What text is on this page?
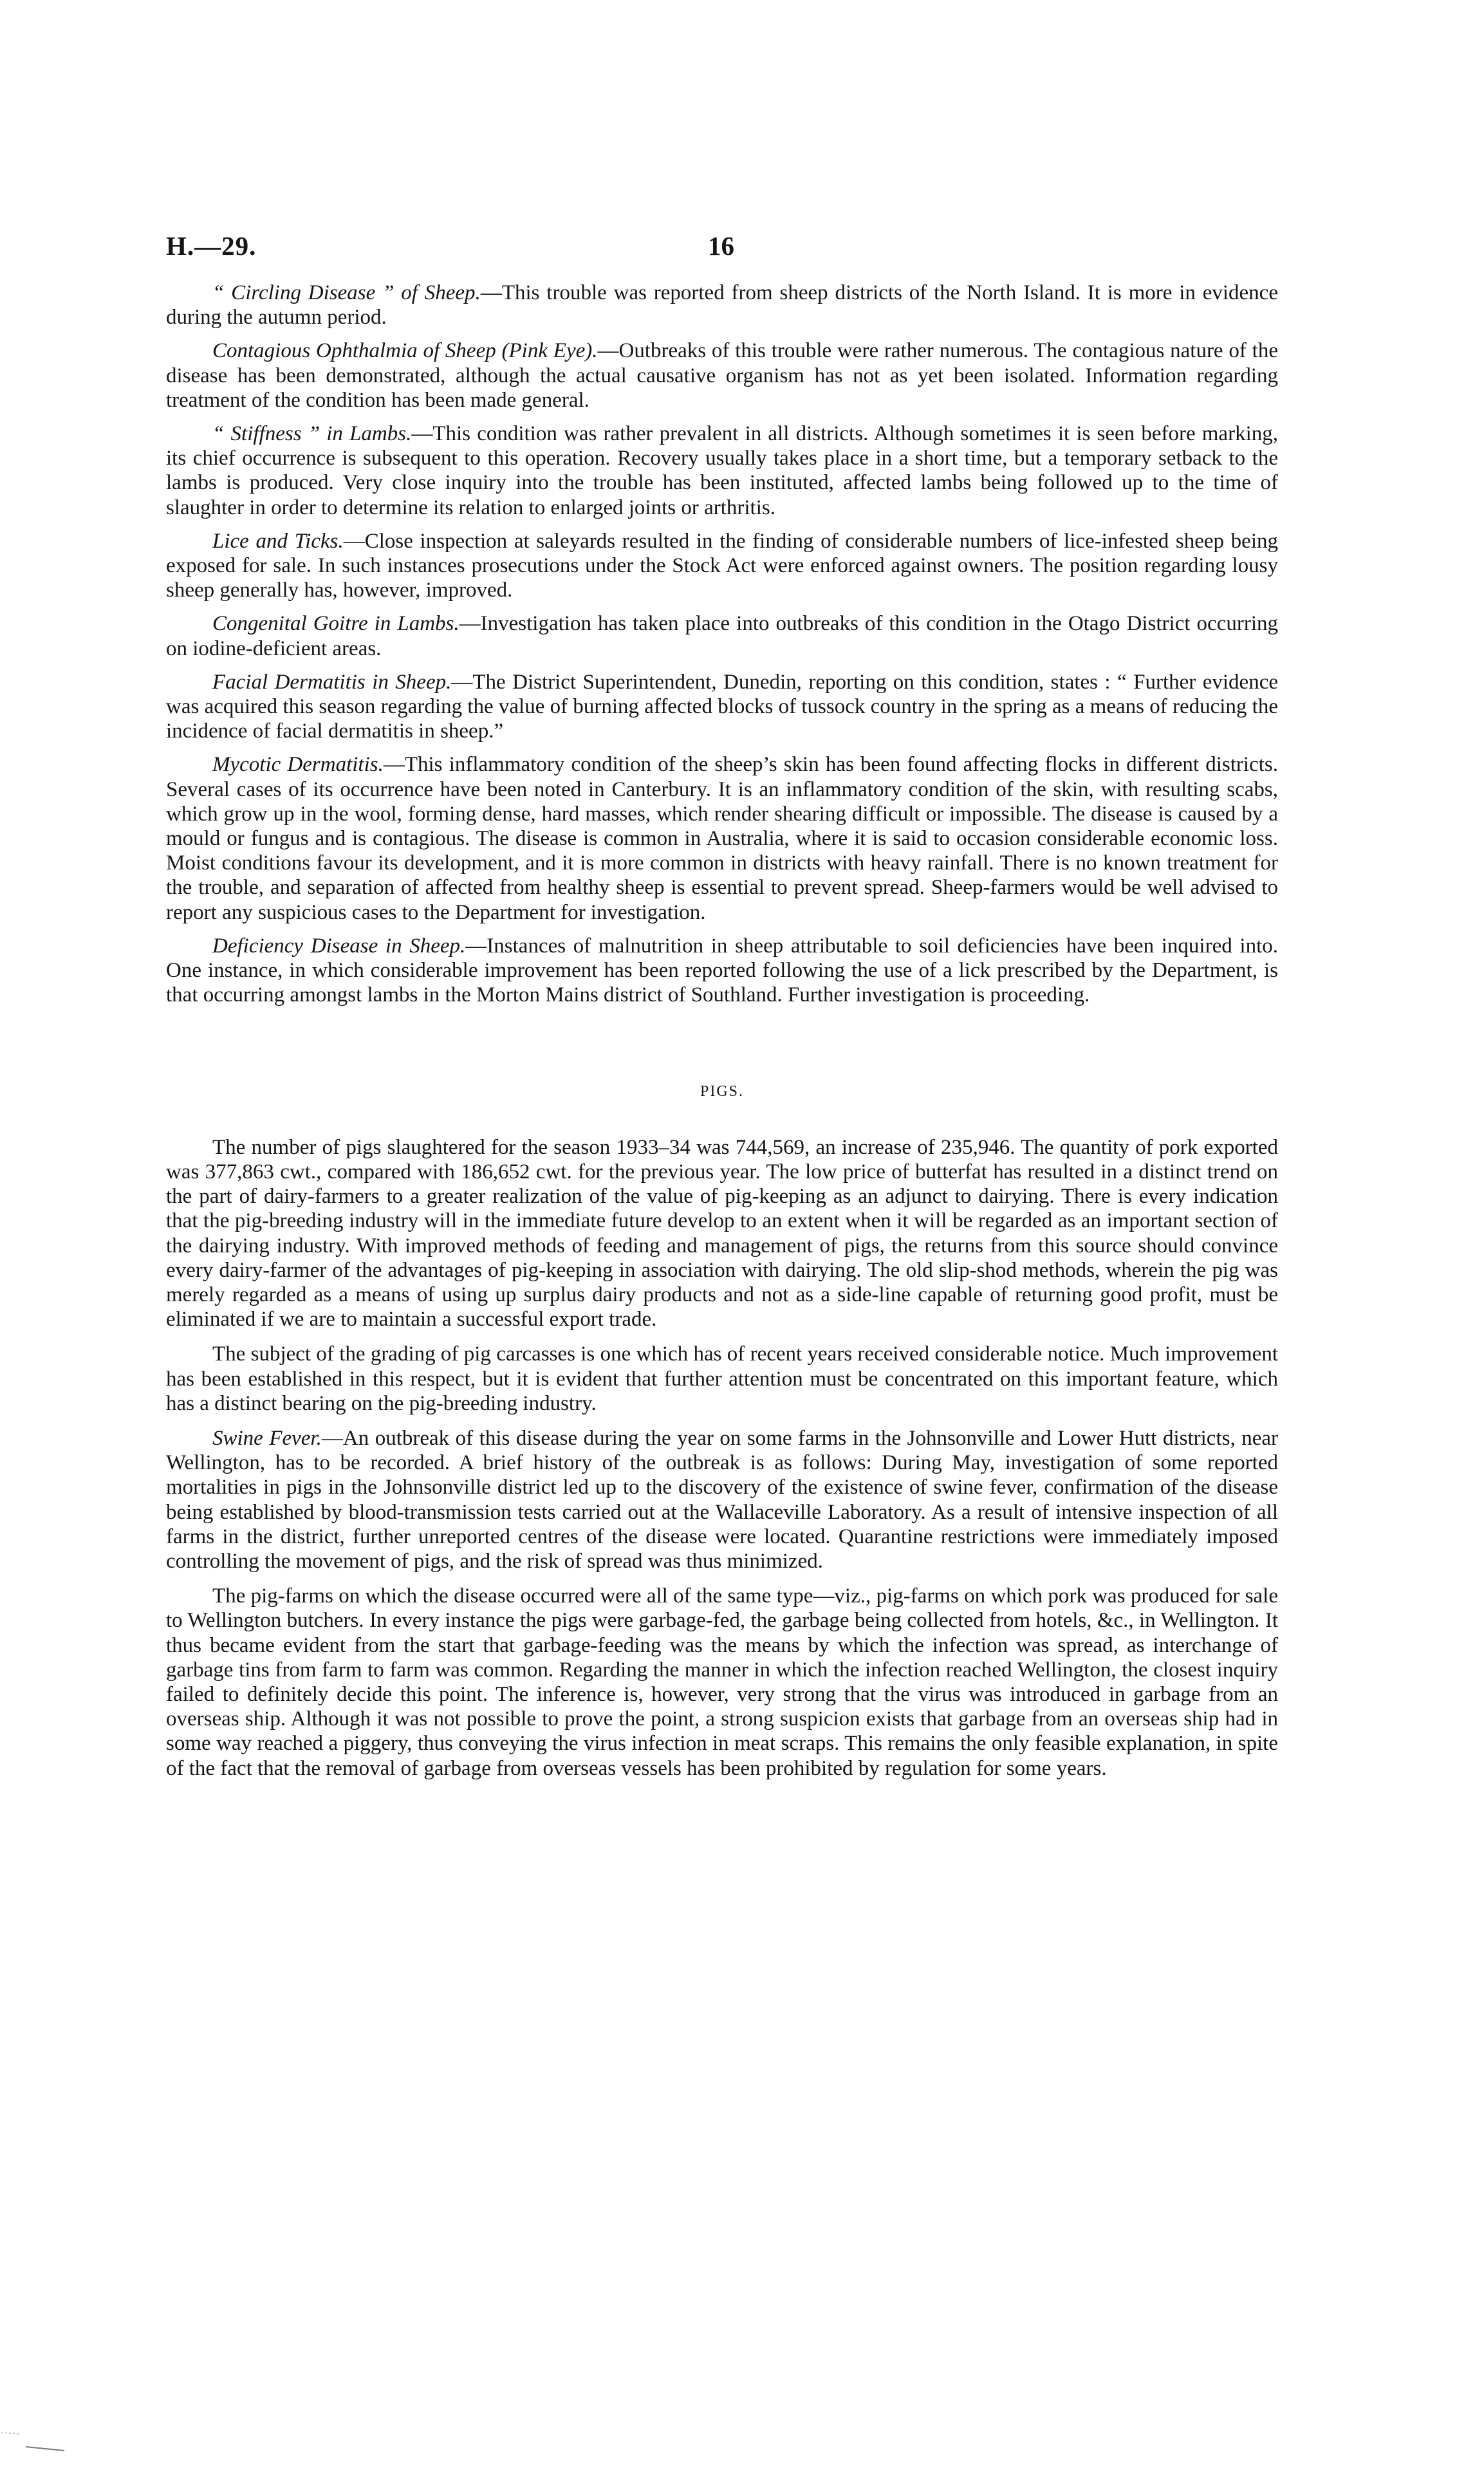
H.—29.	16

“ Circling Disease ” of Sheep.—This trouble was reported from sheep districts of the North Island. It is more in evidence during the autumn period.

Contagious Ophthalmia of Sheep (Pink Eye).—Outbreaks of this trouble were rather numerous. The contagious nature of the disease has been demonstrated, although the actual causative organism has not as yet been isolated. Information regarding treatment of the condition has been made general.

“ Stiffness ” in Lambs.—This condition was rather prevalent in all districts. Although sometimes it is seen before marking, its chief occurrence is subsequent to this operation. Recovery usually takes place in a short time, but a temporary setback to the lambs is produced. Very close inquiry into the trouble has been instituted, affected lambs being followed up to the time of slaughter in order to determine its relation to enlarged joints or arthritis.

Lice and Ticks.—Close inspection at saleyards resulted in the finding of considerable numbers of lice-infested sheep being exposed for sale. In such instances prosecutions under the Stock Act were enforced against owners. The position regarding lousy sheep generally has, however, improved.

Congenital Goitre in Lambs.—Investigation has taken place into outbreaks of this condition in the Otago District occurring on iodine-deficient areas.

Facial Dermatitis in Sheep.—The District Superintendent, Dunedin, reporting on this condition, states : “ Further evidence was acquired this season regarding the value of burning affected blocks of tussock country in the spring as a means of reducing the incidence of facial dermatitis in sheep.”

Mycotic Dermatitis.—This inflammatory condition of the sheep’s skin has been found affecting flocks in different districts. Several cases of its occurrence have been noted in Canterbury. It is an inflammatory condition of the skin, with resulting scabs, which grow up in the wool, forming dense, hard masses, which render shearing difficult or impossible. The disease is caused by a mould or fungus and is contagious. The disease is common in Australia, where it is said to occasion considerable economic loss. Moist conditions favour its development, and it is more common in districts with heavy rainfall. There is no known treatment for the trouble, and separation of affected from healthy sheep is essential to prevent spread. Sheep-farmers would be well advised to report any suspicious cases to the Department for investigation.

Deficiency Disease in Sheep.—Instances of malnutrition in sheep attributable to soil deficiencies have been inquired into. One instance, in which considerable improvement has been reported following the use of a lick prescribed by the Department, is that occurring amongst lambs in the Morton Mains district of Southland. Further investigation is proceeding.

PIGS.

The number of pigs slaughtered for the season 1933–34 was 744,569, an increase of 235,946. The quantity of pork exported was 377,863 cwt., compared with 186,652 cwt. for the previous year. The low price of butterfat has resulted in a distinct trend on the part of dairy-farmers to a greater realization of the value of pig-keeping as an adjunct to dairying. There is every indication that the pig-breeding industry will in the immediate future develop to an extent when it will be regarded as an important section of the dairying industry. With improved methods of feeding and management of pigs, the returns from this source should convince every dairy-farmer of the advantages of pig-keeping in association with dairying. The old slip-shod methods, wherein the pig was merely regarded as a means of using up surplus dairy products and not as a side-line capable of returning good profit, must be eliminated if we are to maintain a successful export trade.

The subject of the grading of pig carcasses is one which has of recent years received considerable notice. Much improvement has been established in this respect, but it is evident that further attention must be concentrated on this important feature, which has a distinct bearing on the pig-breeding industry.

Swine Fever.—An outbreak of this disease during the year on some farms in the Johnsonville and Lower Hutt districts, near Wellington, has to be recorded. A brief history of the outbreak is as follows: During May, investigation of some reported mortalities in pigs in the Johnsonville district led up to the discovery of the existence of swine fever, confirmation of the disease being established by blood-transmission tests carried out at the Wallaceville Laboratory. As a result of intensive inspection of all farms in the district, further unreported centres of the disease were located. Quarantine restrictions were immediately imposed controlling the movement of pigs, and the risk of spread was thus minimized.

The pig-farms on which the disease occurred were all of the same type—viz., pig-farms on which pork was produced for sale to Wellington butchers. In every instance the pigs were garbage-fed, the garbage being collected from hotels, &c., in Wellington. It thus became evident from the start that garbage-feeding was the means by which the infection was spread, as interchange of garbage tins from farm to farm was common. Regarding the manner in which the infection reached Wellington, the closest inquiry failed to definitely decide this point. The inference is, however, very strong that the virus was introduced in garbage from an overseas ship. Although it was not possible to prove the point, a strong suspicion exists that garbage from an overseas ship had in some way reached a piggery, thus conveying the virus infection in meat scraps. This remains the only feasible explanation, in spite of the fact that the removal of garbage from overseas vessels has been prohibited by regulation for some years.
